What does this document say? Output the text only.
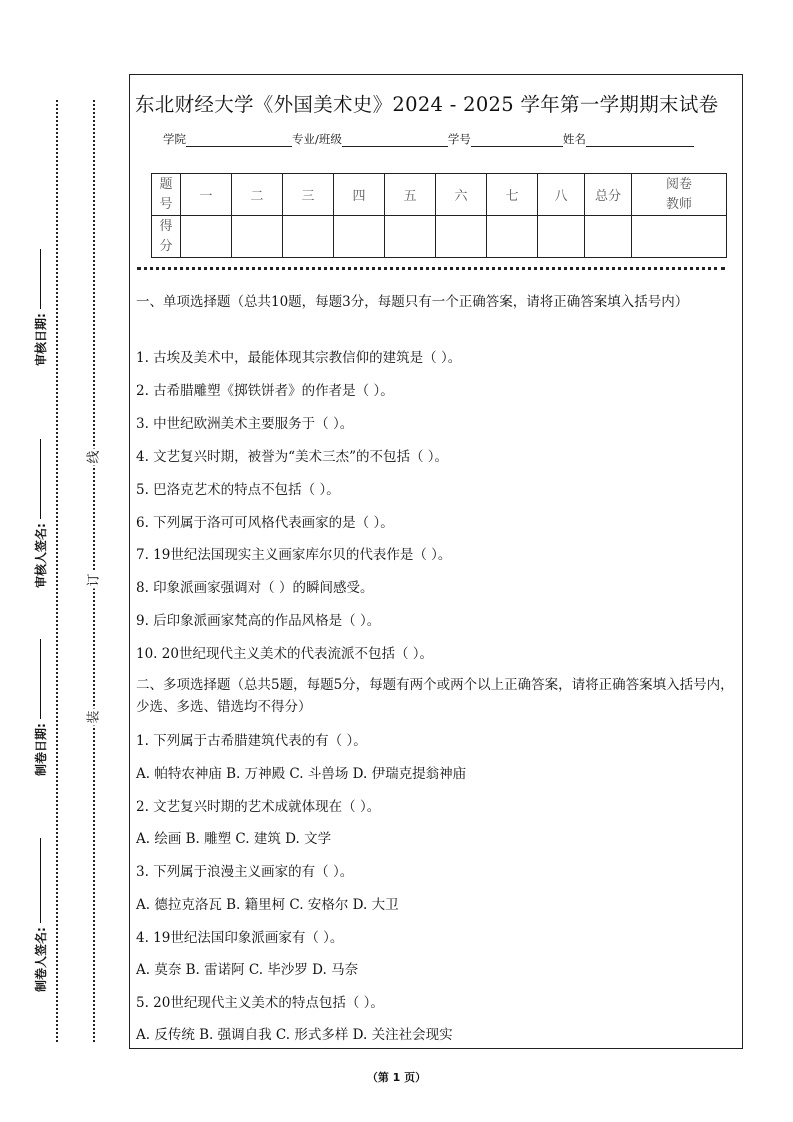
审核日期:
审核人签名:
制卷日期:
制卷人签名:
线
订
装
东北财经大学《外国美术史》2024 - 2025 学年第一学期期末试卷
学院	专业/班级	学号	姓名
题号	一	二	三	四	五	六	七	八	总分	阅卷教师
得分										
一、单项选择题（总共10题，每题3分，每题只有一个正确答案，请将正确答案填入括号内）
1. 古埃及美术中，最能体现其宗教信仰的建筑是（ ）。
2. 古希腊雕塑《掷铁饼者》的作者是（ ）。
3. 中世纪欧洲美术主要服务于（ ）。
4. 文艺复兴时期，被誉为“美术三杰”的不包括（ ）。
5. 巴洛克艺术的特点不包括（ ）。
6. 下列属于洛可可风格代表画家的是（ ）。
7. 19世纪法国现实主义画家库尔贝的代表作是（ ）。
8. 印象派画家强调对（ ）的瞬间感受。
9. 后印象派画家梵高的作品风格是（ ）。
10. 20世纪现代主义美术的代表流派不包括（ ）。
二、多项选择题（总共5题，每题5分，每题有两个或两个以上正确答案，请将正确答案填入括号内，少选、多选、错选均不得分）
1. 下列属于古希腊建筑代表的有（ ）。
A. 帕特农神庙 B. 万神殿 C. 斗兽场 D. 伊瑞克提翁神庙
2. 文艺复兴时期的艺术成就体现在（ ）。
A. 绘画 B. 雕塑 C. 建筑 D. 文学
3. 下列属于浪漫主义画家的有（ ）。
A. 德拉克洛瓦 B. 籍里柯 C. 安格尔 D. 大卫
4. 19世纪法国印象派画家有（ ）。
A. 莫奈 B. 雷诺阿 C. 毕沙罗 D. 马奈
5. 20世纪现代主义美术的特点包括（ ）。
A. 反传统 B. 强调自我 C. 形式多样 D. 关注社会现实
（第 1 页）
